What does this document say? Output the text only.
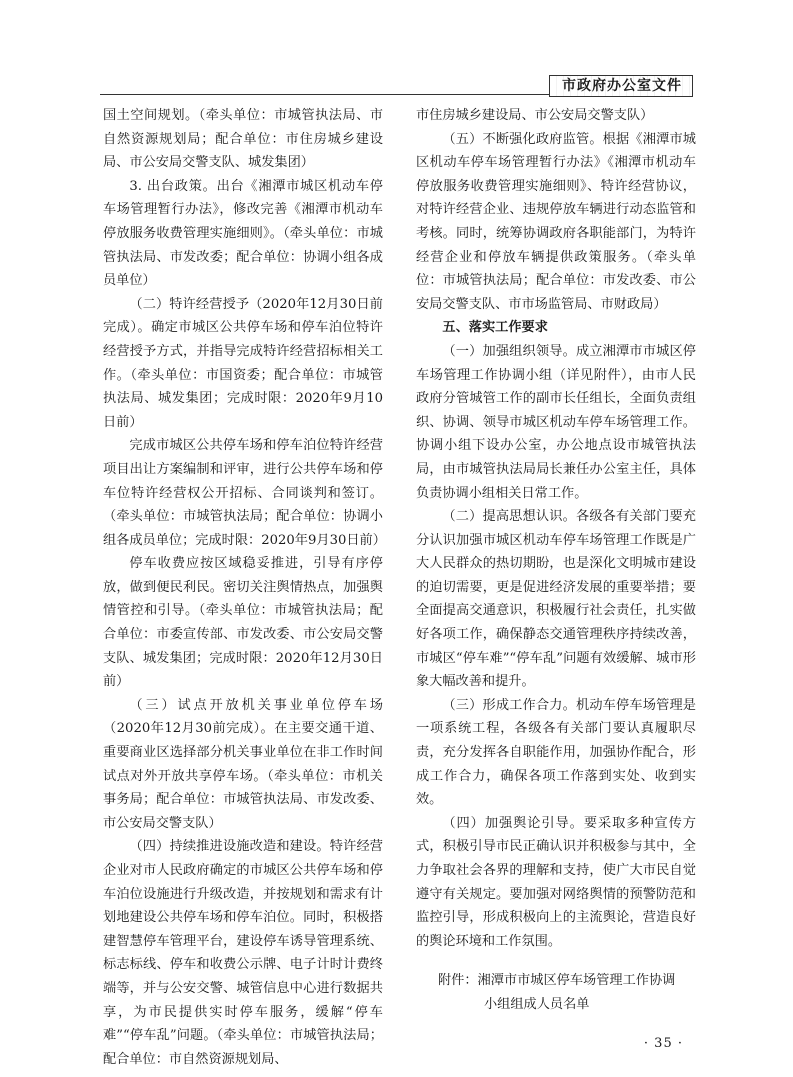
市政府办公室文件

国土空间规划。（牵头单位：市城管执法局、市自然资源规划局；配合单位：市住房城乡建设局、市公安局交警支队、城发集团）

3. 出台政策。出台《湘潭市城区机动车停车场管理暂行办法》，修改完善《湘潭市机动车停放服务收费管理实施细则》。（牵头单位：市城管执法局、市发改委；配合单位：协调小组各成员单位）

（二）特许经营授予（2020年12月30日前完成）。确定市城区公共停车场和停车泊位特许经营授予方式，并指导完成特许经营招标相关工作。（牵头单位：市国资委；配合单位：市城管执法局、城发集团；完成时限：2020年9月10日前）

完成市城区公共停车场和停车泊位特许经营项目出让方案编制和评审，进行公共停车场和停车位特许经营权公开招标、合同谈判和签订。（牵头单位：市城管执法局；配合单位：协调小组各成员单位；完成时限：2020年9月30日前）

停车收费应按区域稳妥推进，引导有序停放，做到便民利民。密切关注舆情热点，加强舆情管控和引导。（牵头单位：市城管执法局；配合单位：市委宣传部、市发改委、市公安局交警支队、城发集团；完成时限：2020年12月30日前）

（三）试点开放机关事业单位停车场（2020年12月30前完成）。在主要交通干道、重要商业区选择部分机关事业单位在非工作时间试点对外开放共享停车场。（牵头单位：市机关事务局；配合单位：市城管执法局、市发改委、市公安局交警支队）

（四）持续推进设施改造和建设。特许经营企业对市人民政府确定的市城区公共停车场和停车泊位设施进行升级改造，并按规划和需求有计划地建设公共停车场和停车泊位。同时，积极搭建智慧停车管理平台，建设停车诱导管理系统、标志标线、停车和收费公示牌、电子计时计费终端等，并与公安交警、城管信息中心进行数据共享，为市民提供实时停车服务，缓解“停车难”“停车乱”问题。（牵头单位：市城管执法局；配合单位：市自然资源规划局、

市住房城乡建设局、市公安局交警支队）

（五）不断强化政府监管。根据《湘潭市城区机动车停车场管理暂行办法》《湘潭市机动车停放服务收费管理实施细则》、特许经营协议，对特许经营企业、违规停放车辆进行动态监管和考核。同时，统筹协调政府各职能部门，为特许经营企业和停放车辆提供政策服务。（牵头单位：市城管执法局；配合单位：市发改委、市公安局交警支队、市市场监管局、市财政局）

五、落实工作要求

（一）加强组织领导。成立湘潭市市城区停车场管理工作协调小组（详见附件），由市人民政府分管城管工作的副市长任组长，全面负责组织、协调、领导市城区机动车停车场管理工作。协调小组下设办公室，办公地点设市城管执法局，由市城管执法局局长兼任办公室主任，具体负责协调小组相关日常工作。

（二）提高思想认识。各级各有关部门要充分认识加强市城区机动车停车场管理工作既是广大人民群众的热切期盼，也是深化文明城市建设的迫切需要，更是促进经济发展的重要举措；要全面提高交通意识，积极履行社会责任，扎实做好各项工作，确保静态交通管理秩序持续改善，市城区“停车难”“停车乱”问题有效缓解、城市形象大幅改善和提升。

（三）形成工作合力。机动车停车场管理是一项系统工程，各级各有关部门要认真履职尽责，充分发挥各自职能作用，加强协作配合，形成工作合力，确保各项工作落到实处、收到实效。

（四）加强舆论引导。要采取多种宣传方式，积极引导市民正确认识并积极参与其中，全力争取社会各界的理解和支持，使广大市民自觉遵守有关规定。要加强对网络舆情的预警防范和监控引导，形成积极向上的主流舆论，营造良好的舆论环境和工作氛围。

附件：湘潭市市城区停车场管理工作协调
小组组成人员名单

· 35 ·
